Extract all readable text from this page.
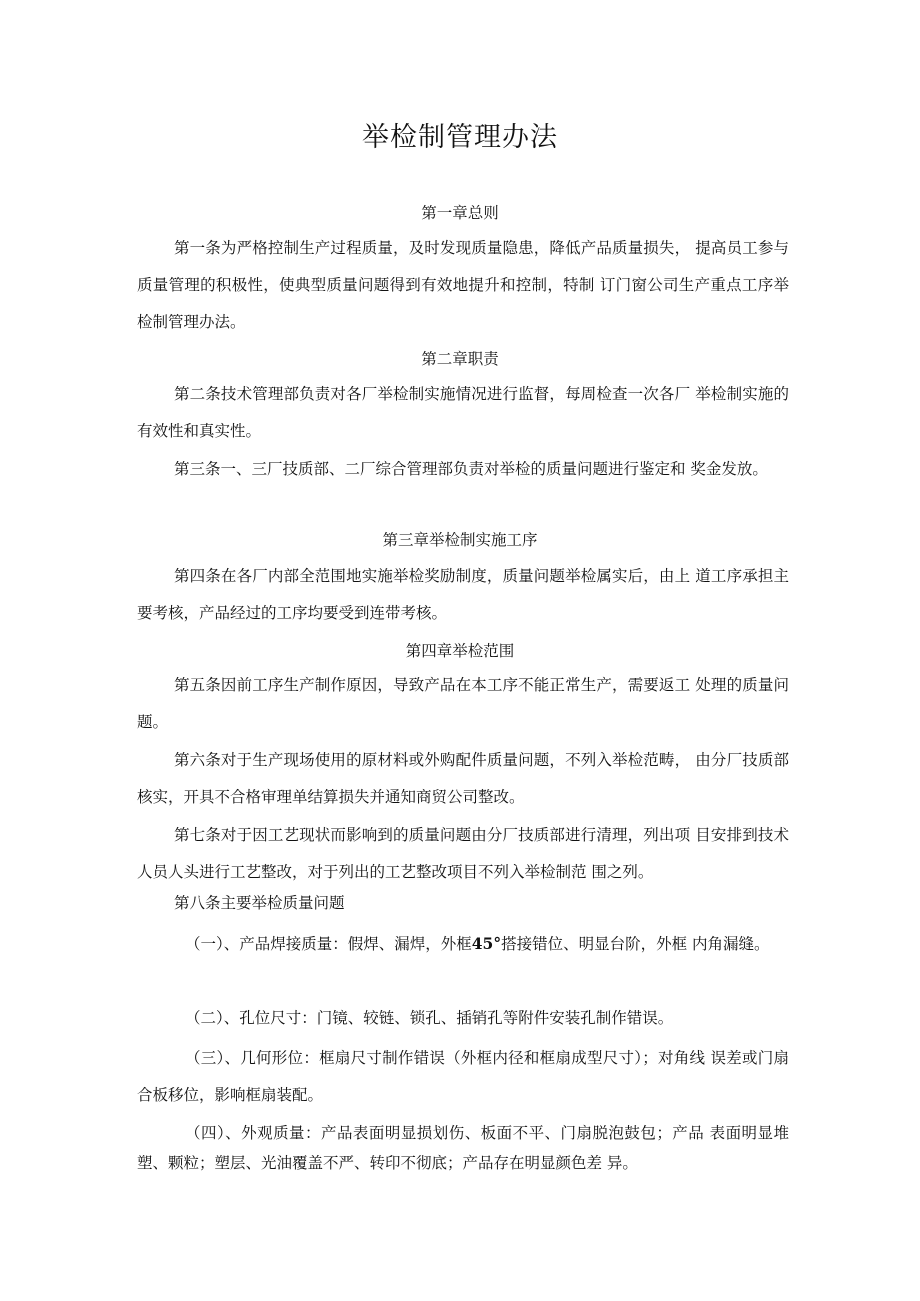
举检制管理办法
第一章总则
第一条为严格控制生产过程质量，及时发现质量隐患，降低产品质量损失， 提高员工参与质量管理的积极性，使典型质量问题得到有效地提升和控制，特制 订门窗公司生产重点工序举检制管理办法。
第二章职责
第二条技术管理部负责对各厂举检制实施情况进行监督，每周检查一次各厂 举检制实施的有效性和真实性。
第三条一、三厂技质部、二厂综合管理部负责对举检的质量问题进行鉴定和 奖金发放。
第三章举检制实施工序
第四条在各厂内部全范围地实施举检奖励制度，质量问题举检属实后，由上 道工序承担主要考核，产品经过的工序均要受到连带考核。
第四章举检范围
第五条因前工序生产制作原因，导致产品在本工序不能正常生产，需要返工 处理的质量问题。
第六条对于生产现场使用的原材料或外购配件质量问题，不列入举检范畴， 由分厂技质部核实，开具不合格审理单结算损失并通知商贸公司整改。
第七条对于因工艺现状而影响到的质量问题由分厂技质部进行清理，列出项 目安排到技术人员人头进行工艺整改，对于列出的工艺整改项目不列入举检制范 围之列。
第八条主要举检质量问题
（一）、产品焊接质量：假焊、漏焊，外框45°搭接错位、明显台阶，外框 内角漏缝。
（二）、孔位尺寸：门镜、较链、锁孔、插销孔等附件安装孔制作错误。
（三）、几何形位：框扇尺寸制作错误（外框内径和框扇成型尺寸）；对角线 误差或门扇合板移位，影响框扇装配。
（四）、外观质量：产品表面明显损划伤、板面不平、门扇脱泡鼓包；产品 表面明显堆塑、颗粒；塑层、光油覆盖不严、转印不彻底；产品存在明显颜色差 异。
